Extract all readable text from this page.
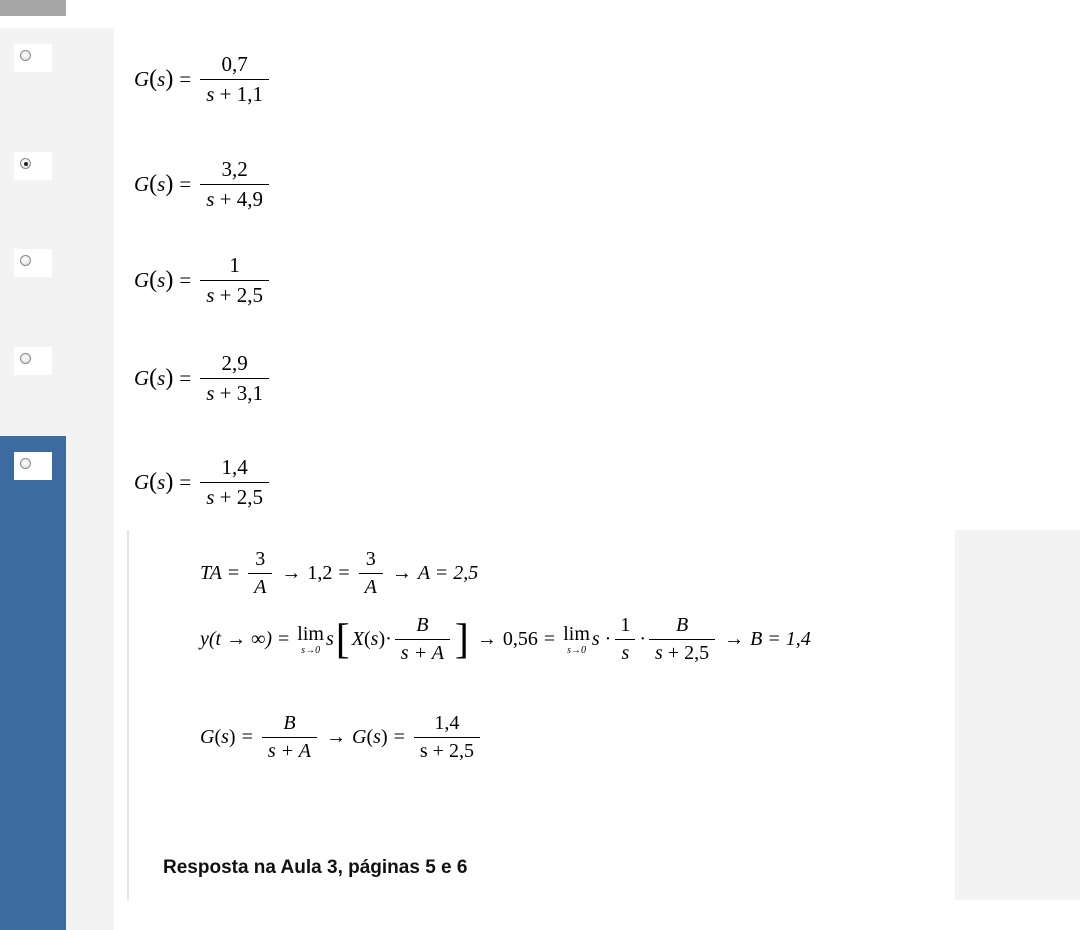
G ( s ) = $\frac{0,7}{s + 1,1}$
G ( s ) = $\frac{3,2}{s + 4,9}$
G ( s ) = $\frac{1}{s + 2,5}$
G ( s ) = $\frac{2,9}{s + 3,1}$
G ( s ) = $\frac{1,4}{s + 2,5}$
TA = $\frac{3}{A} \to 1,2 = \frac{3}{A} \to A = 2,5$
y(t → ∞) = lim
s→0 s [ X ( s )· $\frac{B}{s + A}$ ] → 0,56 = lim
s→0 $s \cdot \frac{1}{s} \cdot \frac{B}{s + 2,5} \to B = 1,4$
G ( s ) = $\frac{B}{s + A} \to G$ ( s ) = $\frac{1,4}{s + 2,5}$
Resposta na Aula 3, páginas 5 e 6
